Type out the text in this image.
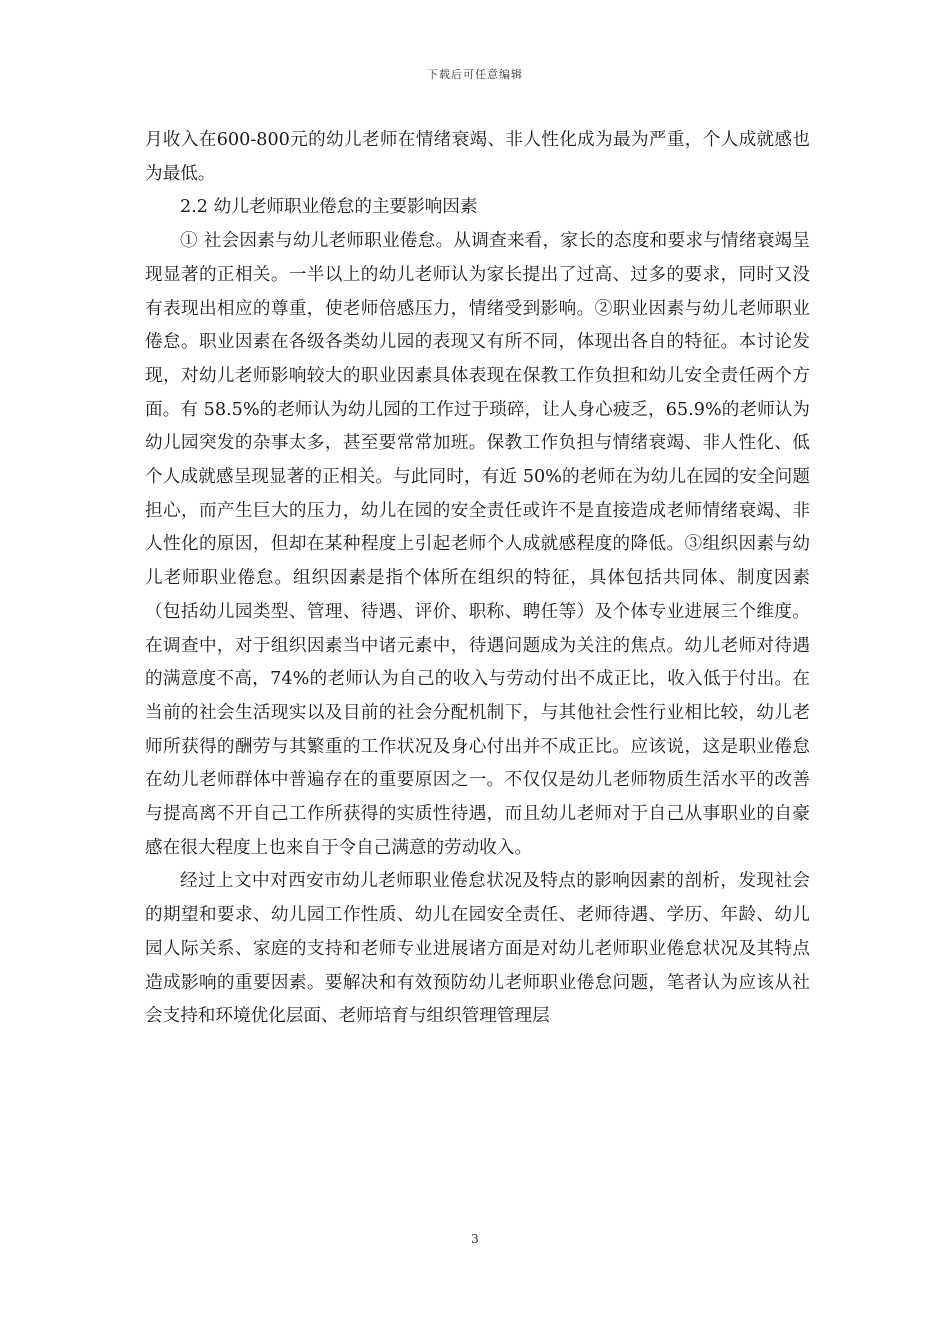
下载后可任意编辑

月收入在600-800元的幼儿老师在情绪衰竭、非人性化成为最为严重，个人成就感也为最低。

2.2 幼儿老师职业倦怠的主要影响因素

① 社会因素与幼儿老师职业倦怠。从调查来看，家长的态度和要求与情绪衰竭呈现显著的正相关。一半以上的幼儿老师认为家长提出了过高、过多的要求，同时又没有表现出相应的尊重，使老师倍感压力，情绪受到影响。②职业因素与幼儿老师职业倦怠。职业因素在各级各类幼儿园的表现又有所不同，体现出各自的特征。本讨论发现，对幼儿老师影响较大的职业因素具体表现在保教工作负担和幼儿安全责任两个方面。有 58.5%的老师认为幼儿园的工作过于琐碎，让人身心疲乏，65.9%的老师认为幼儿园突发的杂事太多，甚至要常常加班。保教工作负担与情绪衰竭、非人性化、低个人成就感呈现显著的正相关。与此同时，有近 50%的老师在为幼儿在园的安全问题担心，而产生巨大的压力，幼儿在园的安全责任或许不是直接造成老师情绪衰竭、非人性化的原因，但却在某种程度上引起老师个人成就感程度的降低。③组织因素与幼儿老师职业倦怠。组织因素是指个体所在组织的特征，具体包括共同体、制度因素（包括幼儿园类型、管理、待遇、评价、职称、聘任等）及个体专业进展三个维度。在调查中，对于组织因素当中诸元素中，待遇问题成为关注的焦点。幼儿老师对待遇的满意度不高，74%的老师认为自己的收入与劳动付出不成正比，收入低于付出。在当前的社会生活现实以及目前的社会分配机制下，与其他社会性行业相比较，幼儿老师所获得的酬劳与其繁重的工作状况及身心付出并不成正比。应该说，这是职业倦怠在幼儿老师群体中普遍存在的重要原因之一。不仅仅是幼儿老师物质生活水平的改善与提高离不开自己工作所获得的实质性待遇，而且幼儿老师对于自己从事职业的自豪感在很大程度上也来自于令自己满意的劳动收入。

经过上文中对西安市幼儿老师职业倦怠状况及特点的影响因素的剖析，发现社会的期望和要求、幼儿园工作性质、幼儿在园安全责任、老师待遇、学历、年龄、幼儿园人际关系、家庭的支持和老师专业进展诸方面是对幼儿老师职业倦怠状况及其特点造成影响的重要因素。要解决和有效预防幼儿老师职业倦怠问题，笔者认为应该从社会支持和环境优化层面、老师培育与组织管理管理层

3
